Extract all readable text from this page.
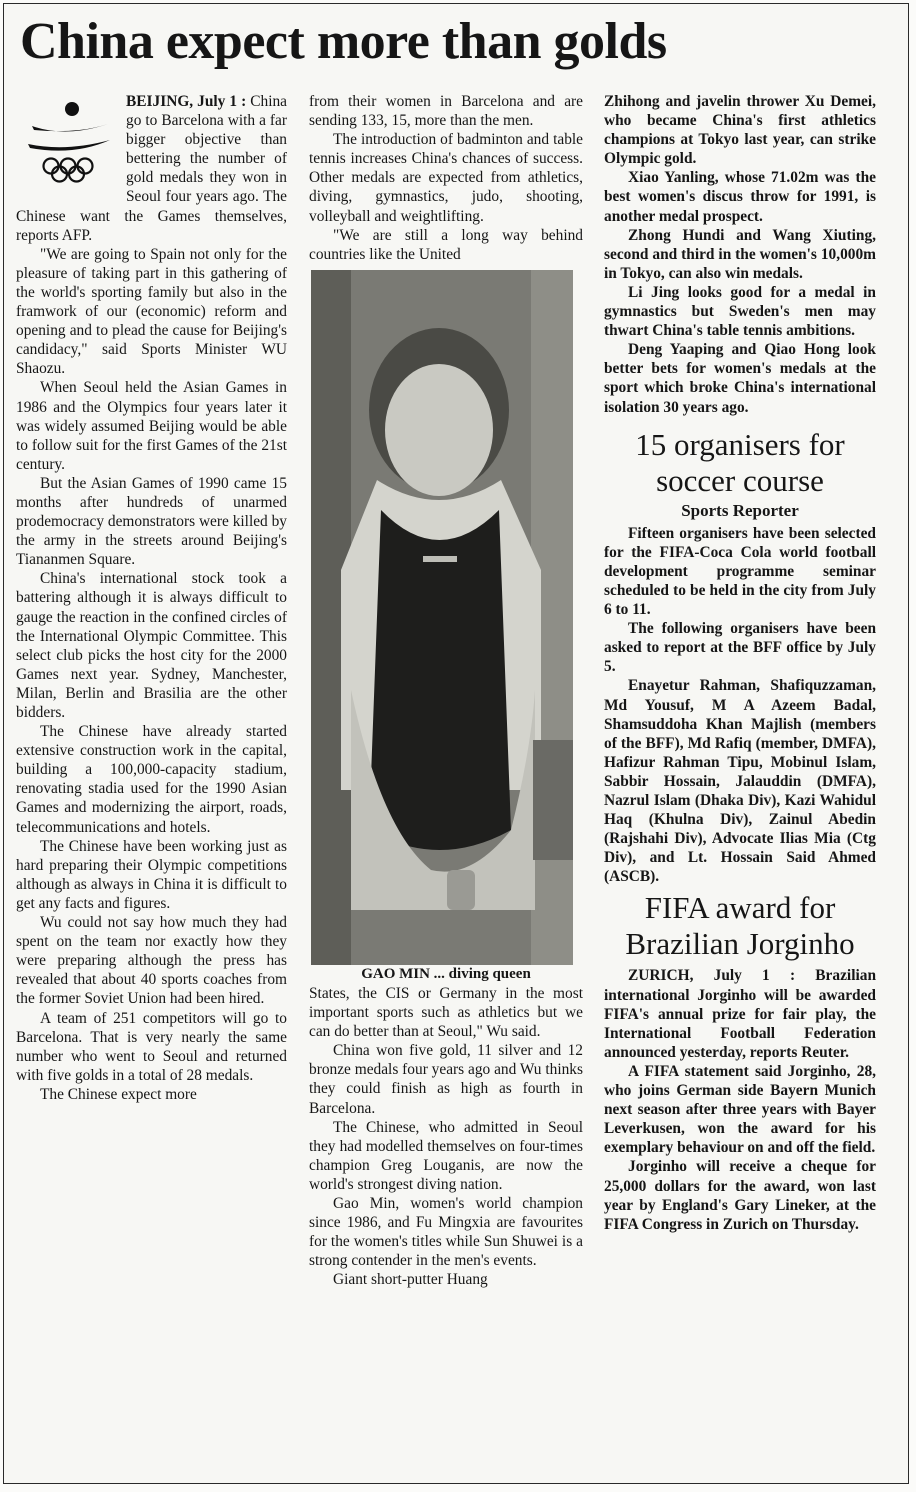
China expect more than golds

BEIJING, July 1 : China go to Barcelona with a far bigger objective than bettering the number of gold medals they won in Seoul four years ago. The Chinese want the Games themselves, reports AFP.

"We are going to Spain not only for the pleasure of taking part in this gathering of the world's sporting family but also in the framwork of our (economic) reform and opening and to plead the cause for Beijing's candidacy," said Sports Minister WU Shaozu.

When Seoul held the Asian Games in 1986 and the Olympics four years later it was widely assumed Beijing would be able to follow suit for the first Games of the 21st century.

But the Asian Games of 1990 came 15 months after hundreds of unarmed prodemocracy demonstrators were killed by the army in the streets around Beijing's Tiananmen Square.

China's international stock took a battering although it is always difficult to gauge the reaction in the confined circles of the International Olympic Committee. This select club picks the host city for the 2000 Games next year. Sydney, Manchester, Milan, Berlin and Brasilia are the other bidders.

The Chinese have already started extensive construction work in the capital, building a 100,000-capacity stadium, renovating stadia used for the 1990 Asian Games and modernizing the airport, roads, telecommunications and hotels.

The Chinese have been working just as hard preparing their Olympic competitions although as always in China it is difficult to get any facts and figures.

Wu could not say how much they had spent on the team nor exactly how they were preparing although the press has revealed that about 40 sports coaches from the former Soviet Union had been hired.

A team of 251 competitors will go to Barcelona. That is very nearly the same number who went to Seoul and returned with five golds in a total of 28 medals.

The Chinese expect more

from their women in Barcelona and are sending 133, 15, more than the men.

The introduction of badminton and table tennis increases China's chances of success. Other medals are expected from athletics, diving, gymnastics, judo, shooting, volleyball and weightlifting.

"We are still a long way behind countries like the United

GAO MIN ... diving queen

States, the CIS or Germany in the most important sports such as athletics but we can do better than at Seoul," Wu said.

China won five gold, 11 silver and 12 bronze medals four years ago and Wu thinks they could finish as high as fourth in Barcelona.

The Chinese, who admitted in Seoul they had modelled themselves on four-times champion Greg Louganis, are now the world's strongest diving nation.

Gao Min, women's world champion since 1986, and Fu Mingxia are favourites for the women's titles while Sun Shuwei is a strong contender in the men's events.

Giant short-putter Huang

Zhihong and javelin thrower Xu Demei, who became China's first athletics champions at Tokyo last year, can strike Olympic gold.

Xiao Yanling, whose 71.02m was the best women's discus throw for 1991, is another medal prospect.

Zhong Hundi and Wang Xiuting, second and third in the women's 10,000m in Tokyo, can also win medals.

Li Jing looks good for a medal in gymnastics but Sweden's men may thwart China's table tennis ambitions.

Deng Yaaping and Qiao Hong look better bets for women's medals at the sport which broke China's international isolation 30 years ago.

15 organisers for
soccer course
Sports Reporter

Fifteen organisers have been selected for the FIFA-Coca Cola world football development programme seminar scheduled to be held in the city from July 6 to 11.

The following organisers have been asked to report at the BFF office by July 5.

Enayetur Rahman, Shafiquzzaman, Md Yousuf, M A Azeem Badal, Shamsuddoha Khan Majlish (members of the BFF), Md Rafiq (member, DMFA), Hafizur Rahman Tipu, Mobinul Islam, Sabbir Hossain, Jalauddin (DMFA), Nazrul Islam (Dhaka Div), Kazi Wahidul Haq (Khulna Div), Zainul Abedin (Rajshahi Div), Advocate Ilias Mia (Ctg Div), and Lt. Hossain Said Ahmed (ASCB).

FIFA award for
Brazilian Jorginho

ZURICH, July 1 : Brazilian international Jorginho will be awarded FIFA's annual prize for fair play, the International Football Federation announced yesterday, reports Reuter.

A FIFA statement said Jorginho, 28, who joins German side Bayern Munich next season after three years with Bayer Leverkusen, won the award for his exemplary behaviour on and off the field.

Jorginho will receive a cheque for 25,000 dollars for the award, won last year by England's Gary Lineker, at the FIFA Congress in Zurich on Thursday.
